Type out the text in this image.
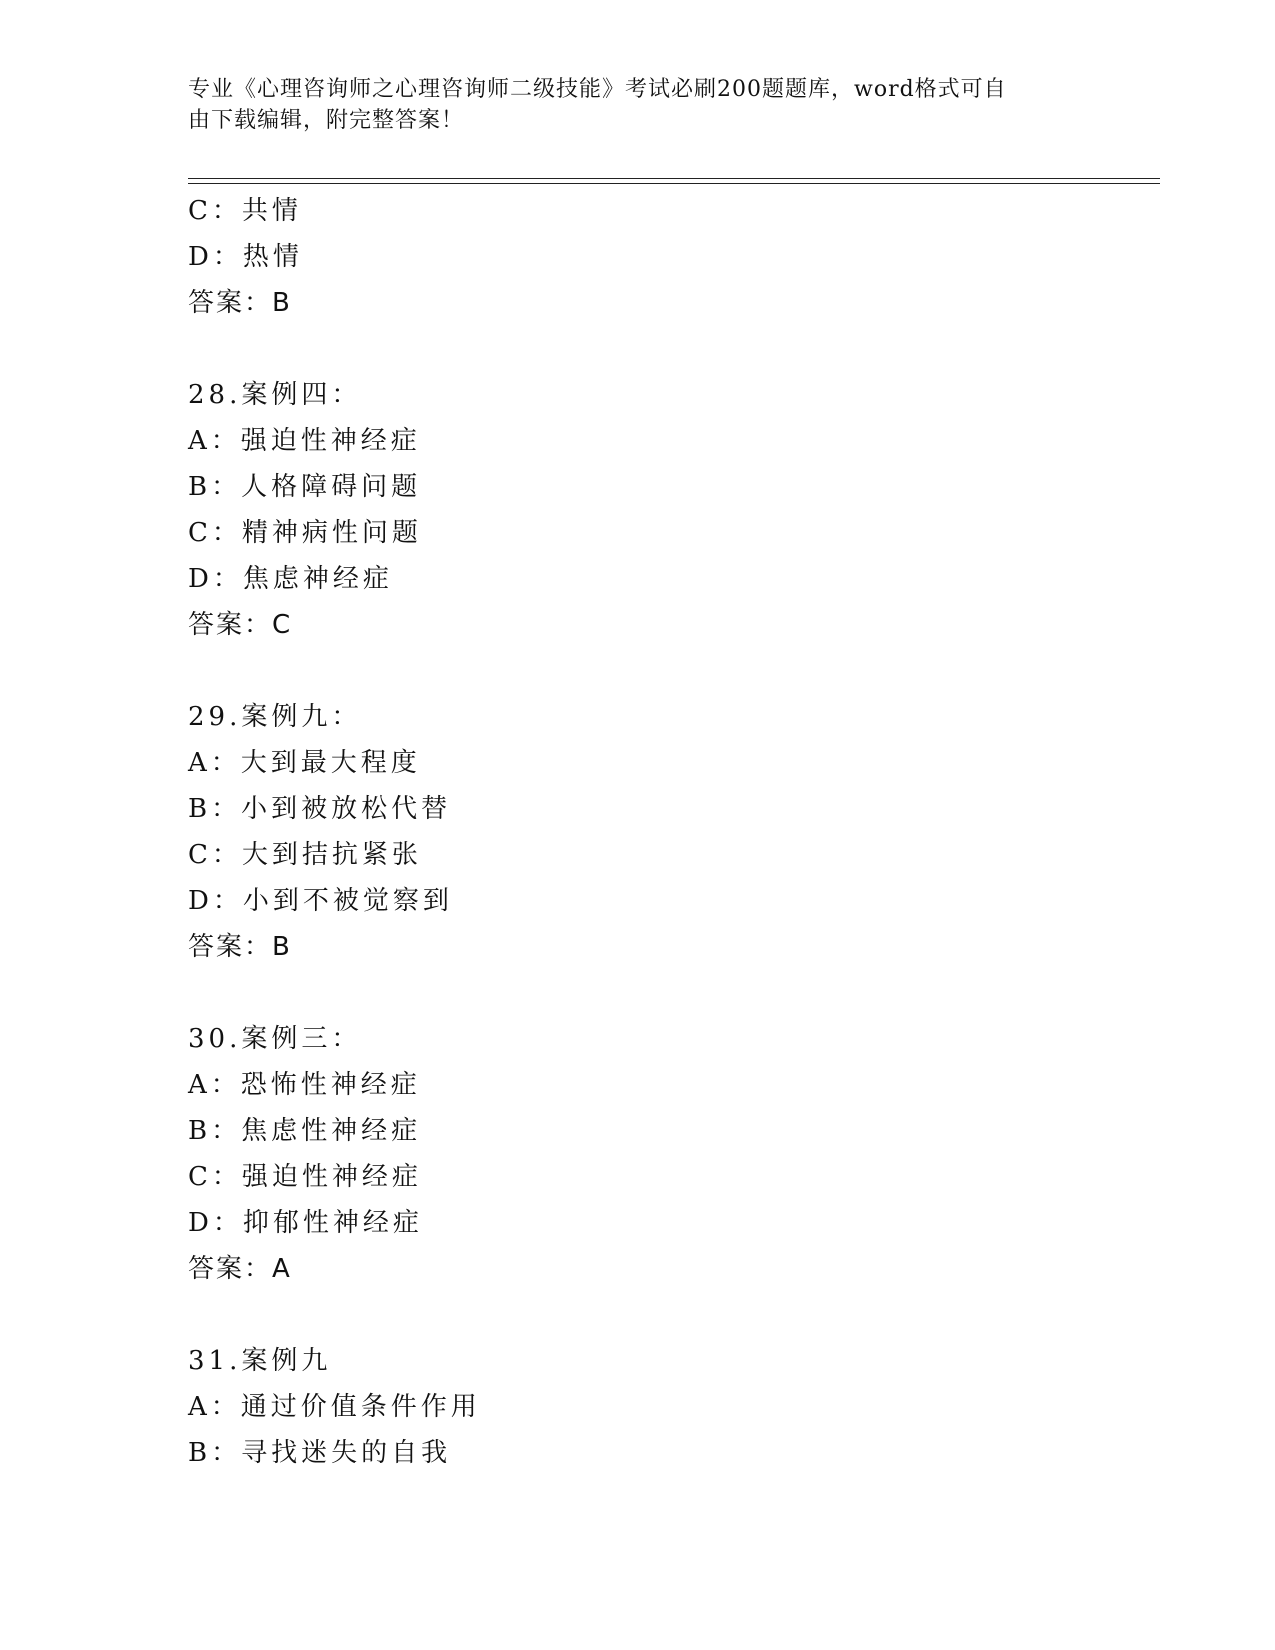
专业《心理咨询师之心理咨询师二级技能》考试必刷200题题库，word格式可自
由下载编辑，附完整答案！
C：共情
D：热情
答案：B
28.案例四：
A：强迫性神经症
B：人格障碍问题
C：精神病性问题
D：焦虑神经症
答案：C
29.案例九：
A：大到最大程度
B：小到被放松代替
C：大到拮抗紧张
D：小到不被觉察到
答案：B
30.案例三：
A：恐怖性神经症
B：焦虑性神经症
C：强迫性神经症
D：抑郁性神经症
答案：A
31.案例九
A：通过价值条件作用
B：寻找迷失的自我
